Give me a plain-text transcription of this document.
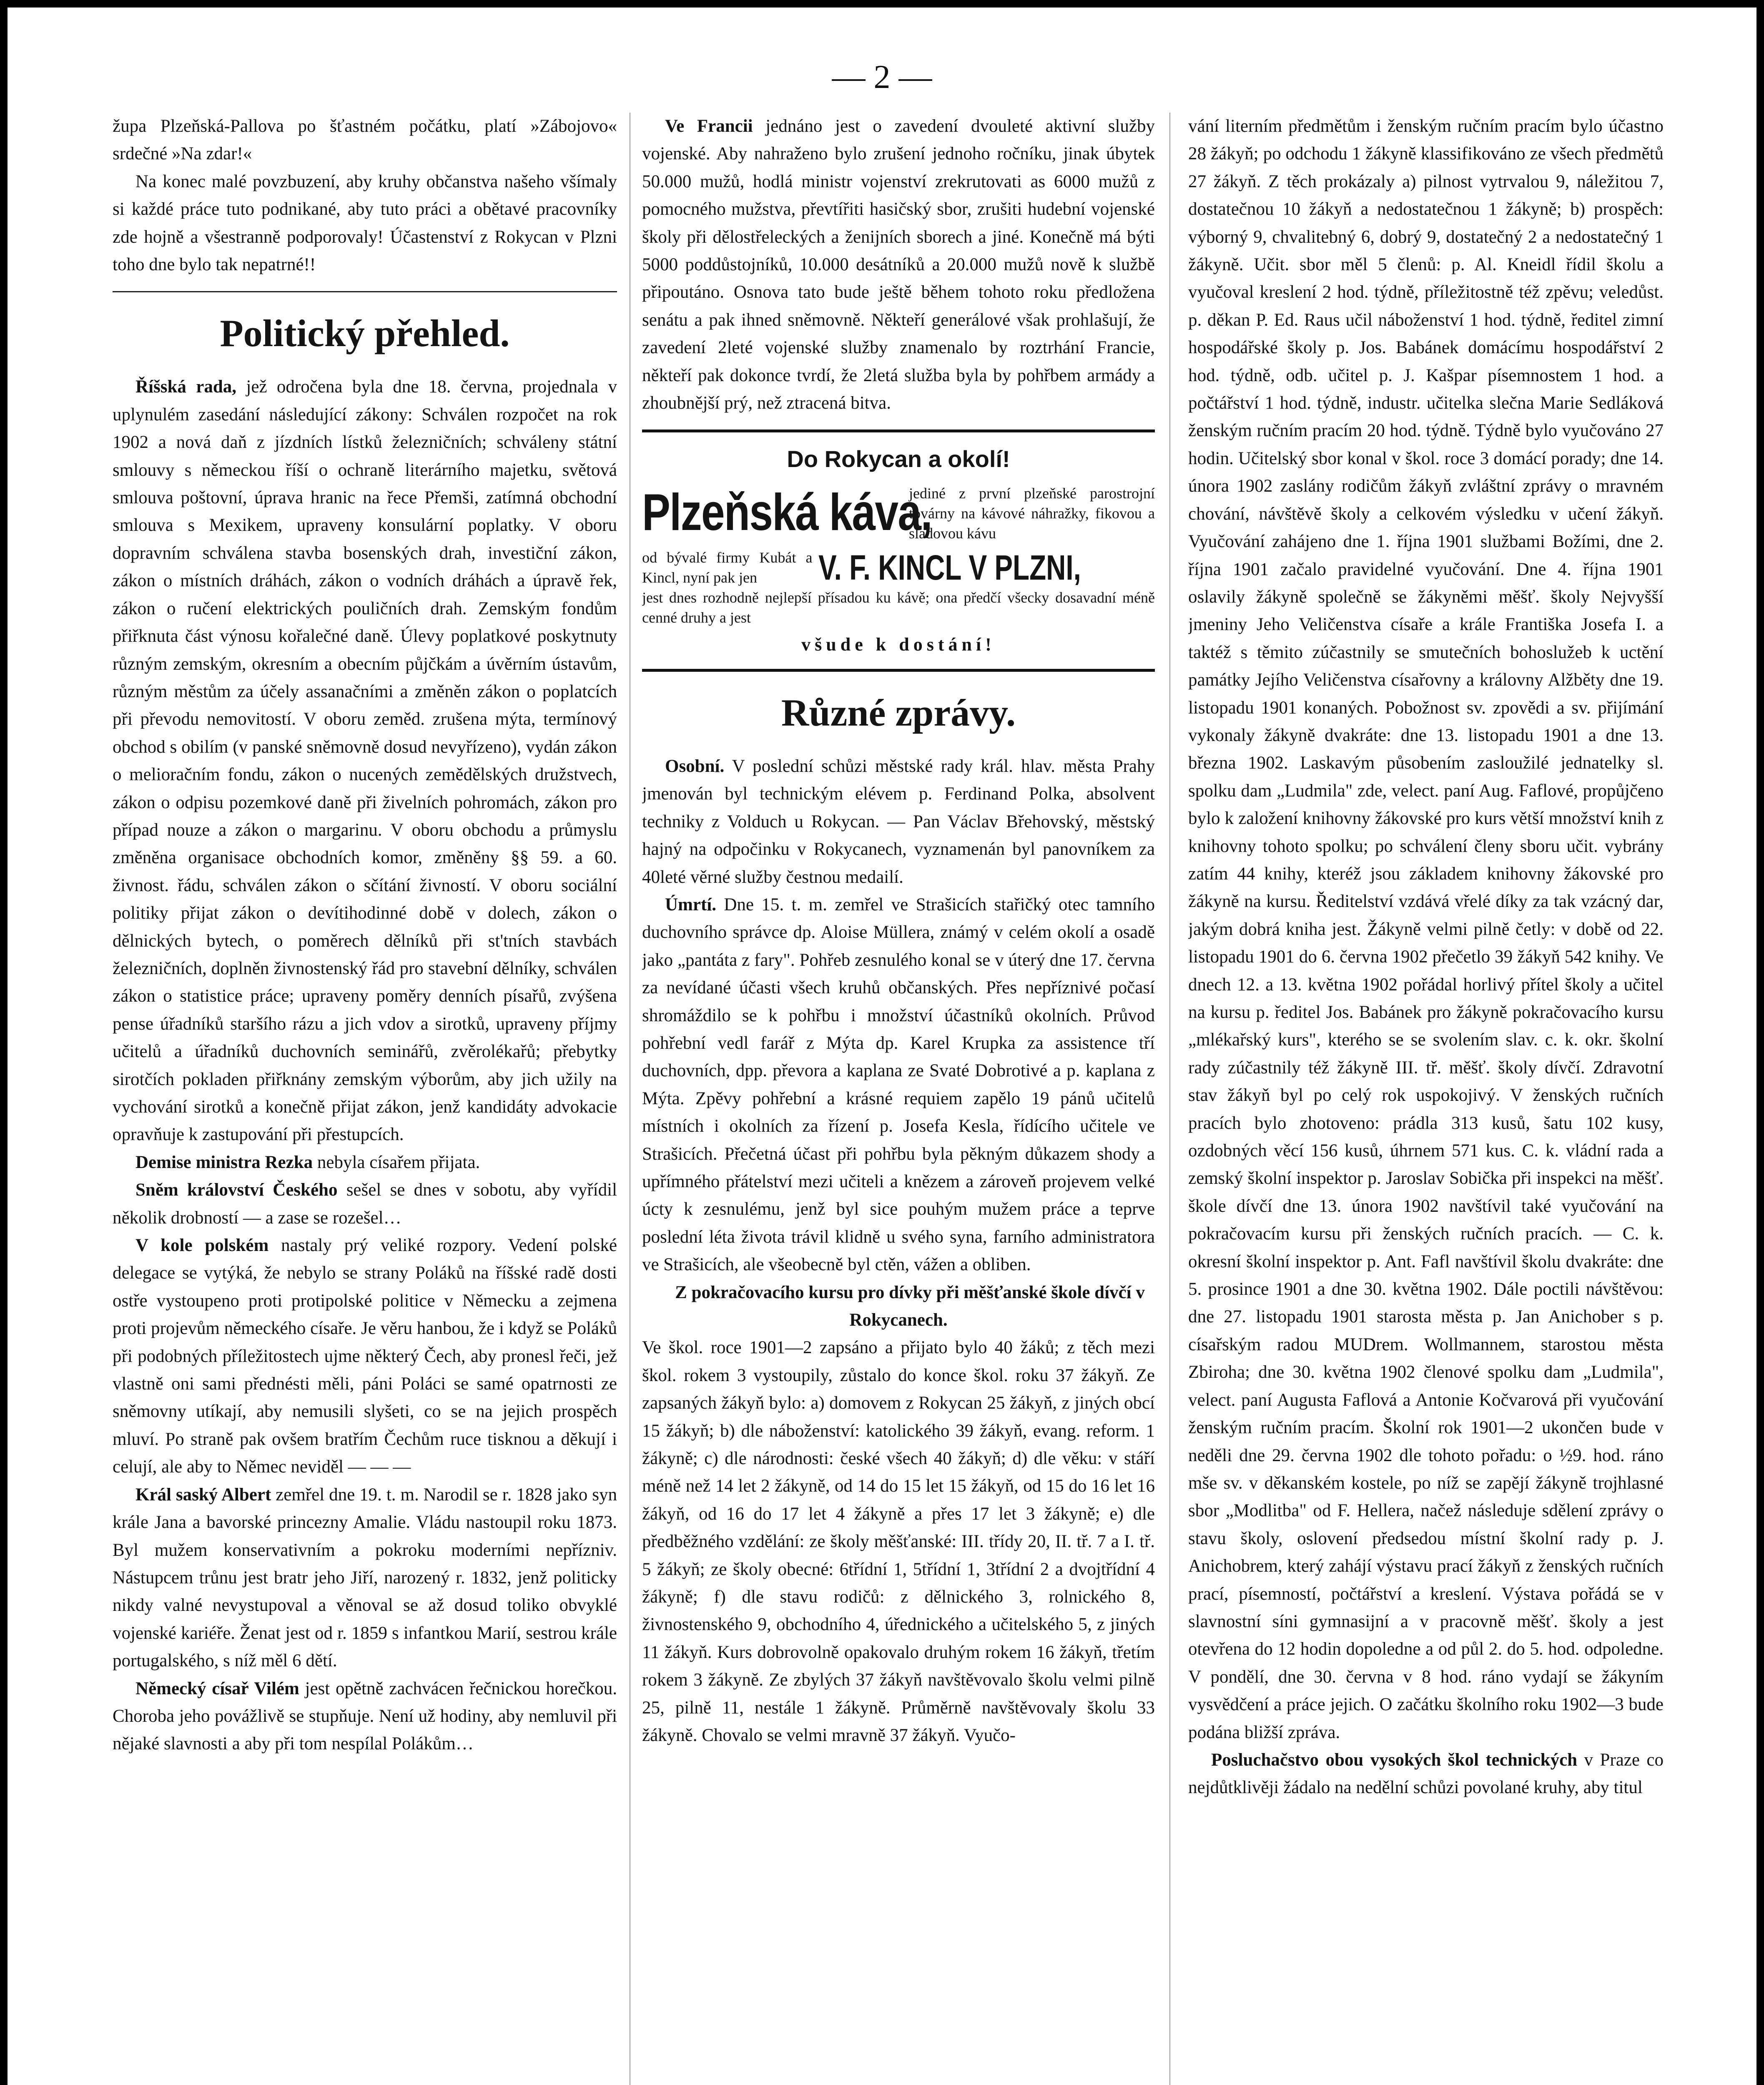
— 2 —

župa Plzeňská-Pallova po šťastném počátku, platí »Zábojovo« srdečné »Na zdar!«

Na konec malé povzbuzení, aby kruhy občanstva našeho všímaly si každé práce tuto podnikané, aby tuto práci a obětavé pracovníky zde hojně a všestranně podporovaly! Účastenství z Rokycan v Plzni toho dne bylo tak nepatrné!!

Politický přehled.

Říšská rada, jež odročena byla dne 18. června, projednala v uplynulém zasedání následující zákony: Schválen rozpočet na rok 1902 a nová daň z jízdních lístků železničních; schváleny státní smlouvy s německou říší o ochraně literárního majetku, světová smlouva poštovní, úprava hranic na řece Přemši, zatímná obchodní smlouva s Mexikem, upraveny konsulární poplatky. V oboru dopravním schválena stavba bosenských drah, investiční zákon, zákon o místních dráhách, zákon o vodních dráhách a úpravě řek, zákon o ručení elektrických pouličních drah. Zemským fondům přiřknuta část výnosu kořalečné daně. Úlevy poplatkové poskytnuty různým zemským, okresním a obecním půjčkám a úvěrním ústavům, různým městům za účely assanačními a změněn zákon o poplatcích při převodu nemovitostí. V oboru zeměd. zrušena mýta, termínový obchod s obilím (v panské sněmovně dosud nevyřízeno), vydán zákon o melioračním fondu, zákon o nucených zemědělských družstvech, zákon o odpisu pozemkové daně při živelních pohromách, zákon pro případ nouze a zákon o margarinu. V oboru obchodu a průmyslu změněna organisace obchodních komor, změněny §§ 59. a 60. živnost. řádu, schválen zákon o sčítání živností. V oboru sociální politiky přijat zákon o devítihodinné době v dolech, zákon o dělnických bytech, o poměrech dělníků při st'tních stavbách železničních, doplněn živnostenský řád pro stavební dělníky, schválen zákon o statistice práce; upraveny poměry denních písařů, zvýšena pense úřadníků staršího rázu a jich vdov a sirotků, upraveny příjmy učitelů a úřadníků duchovních seminářů, zvěrolékařů; přebytky sirotčích pokladen přiřknány zemským výborům, aby jich užily na vychování sirotků a konečně přijat zákon, jenž kandidáty advokacie opravňuje k zastupování při přestupcích.

Demise ministra Rezka nebyla císařem přijata.

Sněm království Českého sešel se dnes v sobotu, aby vyřídil několik drobností — a zase se rozešel…

V kole polském nastaly prý veliké rozpory. Vedení polské delegace se vytýká, že nebylo se strany Poláků na říšské radě dosti ostře vystoupeno proti protipolské politice v Německu a zejmena proti projevům německého císaře. Je věru hanbou, že i když se Poláků při podobných příležitostech ujme některý Čech, aby pronesl řeči, jež vlastně oni sami přednésti měli, páni Poláci se samé opatrnosti ze sněmovny utíkají, aby nemusili slyšeti, co se na jejich prospěch mluví. Po straně pak ovšem bratřím Čechům ruce tisknou a děkují i celují, ale aby to Němec neviděl — — —

Král saský Albert zemřel dne 19. t. m. Narodil se r. 1828 jako syn krále Jana a bavorské princezny Amalie. Vládu nastoupil roku 1873. Byl mužem konservativním a pokroku moderními nepřízniv. Nástupcem trůnu jest bratr jeho Jiří, narozený r. 1832, jenž politicky nikdy valné nevystupoval a věnoval se až dosud toliko obvyklé vojenské kariéře. Ženat jest od r. 1859 s infantkou Marií, sestrou krále portugalského, s níž měl 6 dětí.

Německý císař Vilém jest opětně zachvácen řečnickou horečkou. Choroba jeho povážlivě se stupňuje. Není už hodiny, aby nemluvil při nějaké slavnosti a aby při tom nespílal Polákům…

Ve Francii jednáno jest o zavedení dvouleté aktivní služby vojenské. Aby nahraženo bylo zrušení jednoho ročníku, jinak úbytek 50.000 mužů, hodlá ministr vojenství zrekrutovati as 6000 mužů z pomocného mužstva, převtířiti hasičský sbor, zrušiti hudební vojenské školy při dělostřeleckých a ženijních sborech a jiné. Konečně má býti 5000 poddůstojníků, 10.000 desátníků a 20.000 mužů nově k službě připoutáno. Osnova tato bude ještě během tohoto roku předložena senátu a pak ihned sněmovně. Někteří generálové však prohlašují, že zavedení 2leté vojenské služby znamenalo by roztrhání Francie, někteří pak dokonce tvrdí, že 2letá služba byla by pohřbem armády a zhoubnější prý, než ztracená bitva.

Do Rokycan a okolí!
Plzeňská káva,
jediné z první plzeňské parostrojní továrny na kávové náhražky, fikovou a sladovou kávu
od bývalé firmy Kubát a Kincl, nyní pak jen	V. F. KINCL V PLZNI,
jest dnes rozhodně nejlepší přísadou ku kávě; ona předčí všecky dosavadní méně cenné druhy a jest
všude k dostání!
Různé zprávy.

Osobní. V poslední schůzi městské rady král. hlav. města Prahy jmenován byl technickým elévem p. Ferdinand Polka, absolvent techniky z Volduch u Rokycan. — Pan Václav Břehovský, městský hajný na odpočinku v Rokycanech, vyznamenán byl panovníkem za 40leté věrné služby čestnou medailí.

Úmrtí. Dne 15. t. m. zemřel ve Strašicích stařičký otec tamního duchovního správce dp. Aloise Müllera, známý v celém okolí a osadě jako „pantáta z fary". Pohřeb zesnulého konal se v úterý dne 17. června za nevídané účasti všech kruhů občanských. Přes nepříznivé počasí shromáždilo se k pohřbu i množství účastníků okolních. Průvod pohřební vedl farář z Mýta dp. Karel Krupka za assistence tří duchovních, dpp. převora a kaplana ze Svaté Dobrotivé a p. kaplana z Mýta. Zpěvy pohřební a krásné requiem zapělo 19 pánů učitelů místních i okolních za řízení p. Josefa Kesla, řídícího učitele ve Strašicích. Přečetná účast při pohřbu byla pěkným důkazem shody a upřímného přátelství mezi učiteli a knězem a zároveň projevem velké úcty k zesnulému, jenž byl sice pouhým mužem práce a teprve poslední léta života trávil klidně u svého syna, farního administratora ve Strašicích, ale všeobecně byl ctěn, vážen a obliben.

Z pokračovacího kursu pro dívky při měšťanské škole dívčí v Rokycanech.

Ve škol. roce 1901—2 zapsáno a přijato bylo 40 žáků; z těch mezi škol. rokem 3 vystoupily, zůstalo do konce škol. roku 37 žákyň. Ze zapsaných žákyň bylo: a) domovem z Rokycan 25 žákyň, z jiných obcí 15 žákyň; b) dle náboženství: katolického 39 žákyň, evang. reform. 1 žákyně; c) dle národnosti: české všech 40 žákyň; d) dle věku: v stáří méně než 14 let 2 žákyně, od 14 do 15 let 15 žákyň, od 15 do 16 let 16 žákyň, od 16 do 17 let 4 žákyně a přes 17 let 3 žákyně; e) dle předběžného vzdělání: ze školy měšťanské: III. třídy 20, II. tř. 7 a I. tř. 5 žákyň; ze školy obecné: 6třídní 1, 5třídní 1, 3třídní 2 a dvojtřídní 4 žákyně; f) dle stavu rodičů: z dělnického 3, rolnického 8, živnostenského 9, obchodního 4, úřednického a učitelského 5, z jiných 11 žákyň. Kurs dobrovolně opakovalo druhým rokem 16 žákyň, třetím rokem 3 žákyně. Ze zbylých 37 žákyň navštěvovalo školu velmi pilně 25, pilně 11, nestále 1 žákyně. Průměrně navštěvovaly školu 33 žákyně. Chovalo se velmi mravně 37 žákyň. Vyučo-

vání literním předmětům i ženským ručním pracím bylo účastno 28 žákyň; po odchodu 1 žákyně klassifikováno ze všech předmětů 27 žákyň. Z těch prokázaly a) pilnost vytrvalou 9, náležitou 7, dostatečnou 10 žákyň a nedostatečnou 1 žákyně; b) prospěch: výborný 9, chvalitebný 6, dobrý 9, dostatečný 2 a nedostatečný 1 žákyně. Učit. sbor měl 5 členů: p. Al. Kneidl řídil školu a vyučoval kreslení 2 hod. týdně, příležitostně též zpěvu; veledůst. p. děkan P. Ed. Raus učil náboženství 1 hod. týdně, ředitel zimní hospodářské školy p. Jos. Babánek domácímu hospodářství 2 hod. týdně, odb. učitel p. J. Kašpar písemnostem 1 hod. a počtářství 1 hod. týdně, industr. učitelka slečna Marie Sedláková ženským ručním pracím 20 hod. týdně. Týdně bylo vyučováno 27 hodin. Učitelský sbor konal v škol. roce 3 domácí porady; dne 14. února 1902 zaslány rodičům žákyň zvláštní zprávy o mravném chování, návštěvě školy a celkovém výsledku v učení žákyň. Vyučování zahájeno dne 1. října 1901 službami Božími, dne 2. října 1901 začalo pravidelné vyučování. Dne 4. října 1901 oslavily žákyně společně se žákyněmi měšť. školy Nejvyšší jmeniny Jeho Veličenstva císaře a krále Františka Josefa I. a taktéž s těmito zúčastnily se smutečních bohoslužeb k uctění památky Jejího Veličenstva císařovny a královny Alžběty dne 19. listopadu 1901 konaných. Pobožnost sv. zpovědi a sv. přijímání vykonaly žákyně dvakráte: dne 13. listopadu 1901 a dne 13. března 1902. Laskavým působením zasloužilé jednatelky sl. spolku dam „Ludmila" zde, velect. paní Aug. Faflové, propůjčeno bylo k založení knihovny žákovské pro kurs větší množství knih z knihovny tohoto spolku; po schválení členy sboru učit. vybrány zatím 44 knihy, kteréž jsou základem knihovny žákovské pro žákyně na kursu. Ředitelství vzdává vřelé díky za tak vzácný dar, jakým dobrá kniha jest. Žákyně velmi pilně četly: v době od 22. listopadu 1901 do 6. června 1902 přečetlo 39 žákyň 542 knihy. Ve dnech 12. a 13. května 1902 pořádal horlivý přítel školy a učitel na kursu p. ředitel Jos. Babánek pro žákyně pokračovacího kursu „mlékařský kurs", kterého se se svolením slav. c. k. okr. školní rady zúčastnily též žákyně III. tř. měšť. školy dívčí. Zdravotní stav žákyň byl po celý rok uspokojivý. V ženských ručních pracích bylo zhotoveno: prádla 313 kusů, šatu 102 kusy, ozdobných věcí 156 kusů, úhrnem 571 kus. C. k. vládní rada a zemský školní inspektor p. Jaroslav Sobička při inspekci na měšť. škole dívčí dne 13. února 1902 navštívil také vyučování na pokračovacím kursu při ženských ručních pracích. — C. k. okresní školní inspektor p. Ant. Fafl navštívil školu dvakráte: dne 5. prosince 1901 a dne 30. května 1902. Dále poctili návštěvou: dne 27. listopadu 1901 starosta města p. Jan Anichober s p. císařským radou MUDrem. Wollmannem, starostou města Zbiroha; dne 30. května 1902 členové spolku dam „Ludmila", velect. paní Augusta Faflová a Antonie Kočvarová při vyučování ženským ručním pracím. Školní rok 1901—2 ukončen bude v neděli dne 29. června 1902 dle tohoto pořadu: o ½9. hod. ráno mše sv. v děkanském kostele, po níž se zapějí žákyně trojhlasné sbor „Modlitba" od F. Hellera, načež následuje sdělení zprávy o stavu školy, oslovení předsedou místní školní rady p. J. Anichobrem, který zahájí výstavu prací žákyň z ženských ručních prací, písemností, počtářství a kreslení. Výstava pořádá se v slavnostní síni gymnasijní a v pracovně měšť. školy a jest otevřena do 12 hodin dopoledne a od půl 2. do 5. hod. odpoledne. V pondělí, dne 30. června v 8 hod. ráno vydají se žákyním vysvědčení a práce jejich. O začátku školního roku 1902—3 bude podána bližší zpráva.

Posluchačstvo obou vysokých škol technických v Praze co nejdůtklivěji žádalo na nedělní schůzi povolané kruhy, aby titul
